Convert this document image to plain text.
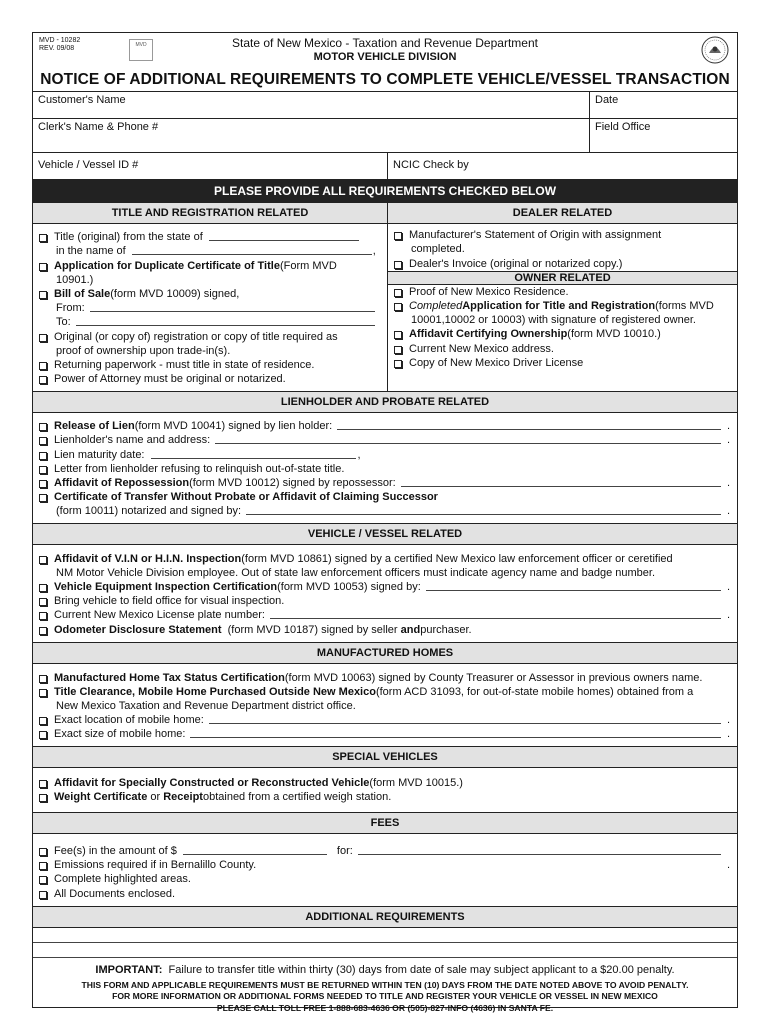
MVD - 10282
REV. 09/08	MVD	State of New Mexico - Taxation and Revenue Department
MOTOR VEHICLE DIVISION
NOTICE OF ADDITIONAL REQUIREMENTS TO COMPLETE VEHICLE/VESSEL TRANSACTION
Customer's Name	Date
Clerk's Name & Phone #	Field Office
Vehicle / Vessel ID #	NCIC Check by
PLEASE PROVIDE ALL REQUIREMENTS CHECKED BELOW
TITLE AND REGISTRATION RELATED	DEALER RELATED
Title (original) from the state of
in the name of	,
Application for Duplicate Certificate of Title (Form MVD
10901.)
Bill of Sale (form MVD 10009) signed,
From:
To:
Original (or copy of) registration or copy of title required as
proof of ownership upon trade-in(s).
Returning paperwork - must title in state of residence.
Power of Attorney must be original or notarized.
Manufacturer's Statement of Origin with assignment
completed.
Dealer's Invoice (original or notarized copy.)
OWNER RELATED
Proof of New Mexico Residence.
Completed Application for Title and Registration (forms MVD
10001,10002 or 10003) with signature of registered owner.
Affidavit Certifying Ownership (form MVD 10010.)
Current New Mexico address.
Copy of New Mexico Driver License
LIENHOLDER AND PROBATE RELATED
Release of Lien (form MVD 10041) signed by lien holder:	.
Lienholder's name and address:	.
Lien maturity date:	,
Letter from lienholder refusing to relinquish out-of-state title.
Affidavit of Repossession (form MVD 10012) signed by repossessor:	.
Certificate of Transfer Without Probate or Affidavit of Claiming Successor
(form 10011) notarized and signed by:	.
VEHICLE / VESSEL RELATED
Affidavit of V.I.N or H.I.N. Inspection (form MVD 10861) signed by a certified New Mexico law enforcement officer or ceretified
NM Motor Vehicle Division employee. Out of state law enforcement officers must indicate agency name and badge number.
Vehicle Equipment Inspection Certification (form MVD 10053) signed by:	.
Bring vehicle to field office for visual inspection.
Current New Mexico License plate number:	.
Odometer Disclosure Statement (form MVD 10187) signed by seller and purchaser.
MANUFACTURED HOMES
Manufactured Home Tax Status Certification (form MVD 10063) signed by County Treasurer or Assessor in previous owners name.
Title Clearance, Mobile Home Purchased Outside New Mexico (form ACD 31093, for out-of-state mobile homes) obtained from a
New Mexico Taxation and Revenue Department district office.
Exact location of mobile home:	.
Exact size of mobile home:	.
SPECIAL VEHICLES
Affidavit for Specially Constructed or Reconstructed Vehicle (form MVD 10015.)
Weight Certificate or Receipt obtained from a certified weigh station.
FEES
Fee(s) in the amount of $	for:
Emissions required if in Bernalillo County.	.
Complete highlighted areas.
All Documents enclosed.
ADDITIONAL REQUIREMENTS
IMPORTANT:  Failure to transfer title within thirty (30) days from date of sale may subject applicant to a $20.00 penalty.
THIS FORM AND APPLICABLE REQUIREMENTS MUST BE RETURNED WITHIN TEN (10) DAYS FROM THE DATE NOTED ABOVE TO AVOID PENALTY.
FOR MORE INFORMATION OR ADDITIONAL FORMS NEEDED TO TITLE AND REGISTER YOUR VEHICLE OR VESSEL IN NEW MEXICO
PLEASE CALL TOLL FREE 1-888-683-4636 OR (505)-827-INFO (4636) IN SANTA FE.
